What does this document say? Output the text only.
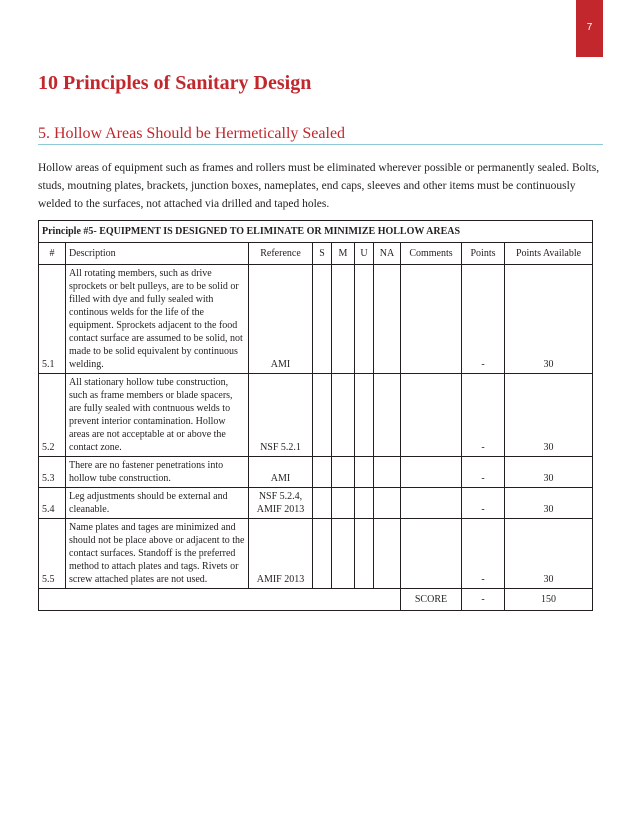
7
10 Principles of Sanitary Design
5. Hollow Areas Should be Hermetically Sealed

Hollow areas of equipment such as frames and rollers must be eliminated wherever possible or permanently sealed. Bolts, studs, moutning plates, brackets, junction boxes, nameplates, end caps, sleeves and other items must be continuously welded to the surfaces, not attached via drilled and taped holes.

Principle #5- EQUIPMENT IS DESIGNED TO ELIMINATE OR MINIMIZE HOLLOW AREAS									
#	Description	Reference	S	M	U	NA	Comments	Points	Points Available
5.1	All rotating members, such as drive sprockets or belt pulleys, are to be solid or filled with dye and fully sealed with continous welds for the life of the equipment. Sprockets adjacent to the food contact surface are assumed to be solid, not made to be solid equivalent by continuous welding.	AMI						-	30
5.2	All stationary hollow tube construction, such as frame members or blade spacers, are fully sealed with contnuous welds to prevent interior contamination. Hollow areas are not acceptable at or above the contact zone.	NSF 5.2.1						-	30
5.3	There are no fastener penetrations into hollow tube construction.	AMI						-	30
5.4	Leg adjustments should be external and cleanable.	NSF 5.2.4, AMIF 2013						-	30
5.5	Name plates and tages are minimized and should not be place above or adjacent to the contact surfaces. Standoff is the preferred method to attach plates and tags. Rivets or screw attached plates are not used.	AMIF 2013						-	30
							SCORE	-	150
